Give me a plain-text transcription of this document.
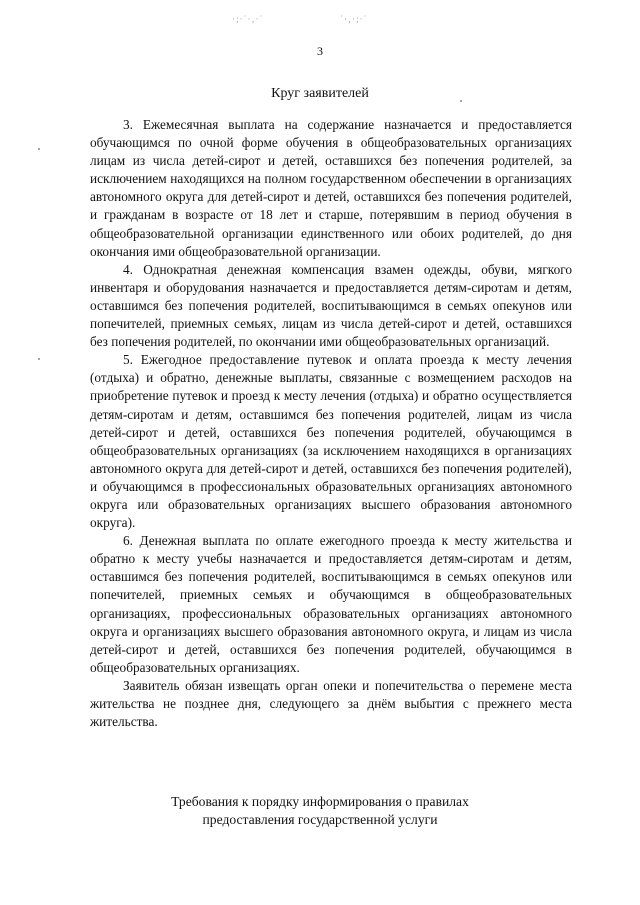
·;·˙·‚·˙	˙·‚·;·˙
3
Круг заявителей

3. Ежемесячная выплата на содержание назначается и предоставляется обучающимся по очной форме обучения в общеобразовательных организациях лицам из числа детей-сирот и детей, оставшихся без попечения родителей, за исключением находящихся на полном государственном обеспечении в организациях автономного округа для детей-сирот и детей, оставшихся без попечения родителей, и гражданам в возрасте от 18 лет и старше, потерявшим в период обучения в общеобразовательной организации единственного или обоих родителей, до дня окончания ими общеобразовательной организации.

4. Однократная денежная компенсация взамен одежды, обуви, мягкого инвентаря и оборудования назначается и предоставляется детям-сиротам и детям, оставшимся без попечения родителей, воспитывающимся в семьях опекунов или попечителей, приемных семьях, лицам из числа детей-сирот и детей, оставшихся без попечения родителей, по окончании ими общеобразовательных организаций.

5. Ежегодное предоставление путевок и оплата проезда к месту лечения (отдыха) и обратно, денежные выплаты, связанные с возмещением расходов на приобретение путевок и проезд к месту лечения (отдыха) и обратно осуществляется детям-сиротам и детям, оставшимся без попечения родителей, лицам из числа детей-сирот и детей, оставшихся без попечения родителей, обучающимся в общеобразовательных организациях (за исключением находящихся в организациях автономного округа для детей-сирот и детей, оставшихся без попечения родителей), и обучающимся в профессиональных образовательных организациях автономного округа или образовательных организациях высшего образования автономного округа).

6. Денежная выплата по оплате ежегодного проезда к месту жительства и обратно к месту учебы назначается и предоставляется детям-сиротам и детям, оставшимся без попечения родителей, воспитывающимся в семьях опекунов или попечителей, приемных семьях и обучающимся в общеобразовательных организациях, профессиональных образовательных организациях автономного округа и организациях высшего образования автономного округа, и лицам из числа детей-сирот и детей, оставшихся без попечения родителей, обучающимся в общеобразовательных организациях.

Заявитель обязан извещать орган опеки и попечительства о перемене места жительства не позднее дня, следующего за днём выбытия с прежнего места жительства.

Требования к порядку информирования о правилах
предоставления государственной услуги
